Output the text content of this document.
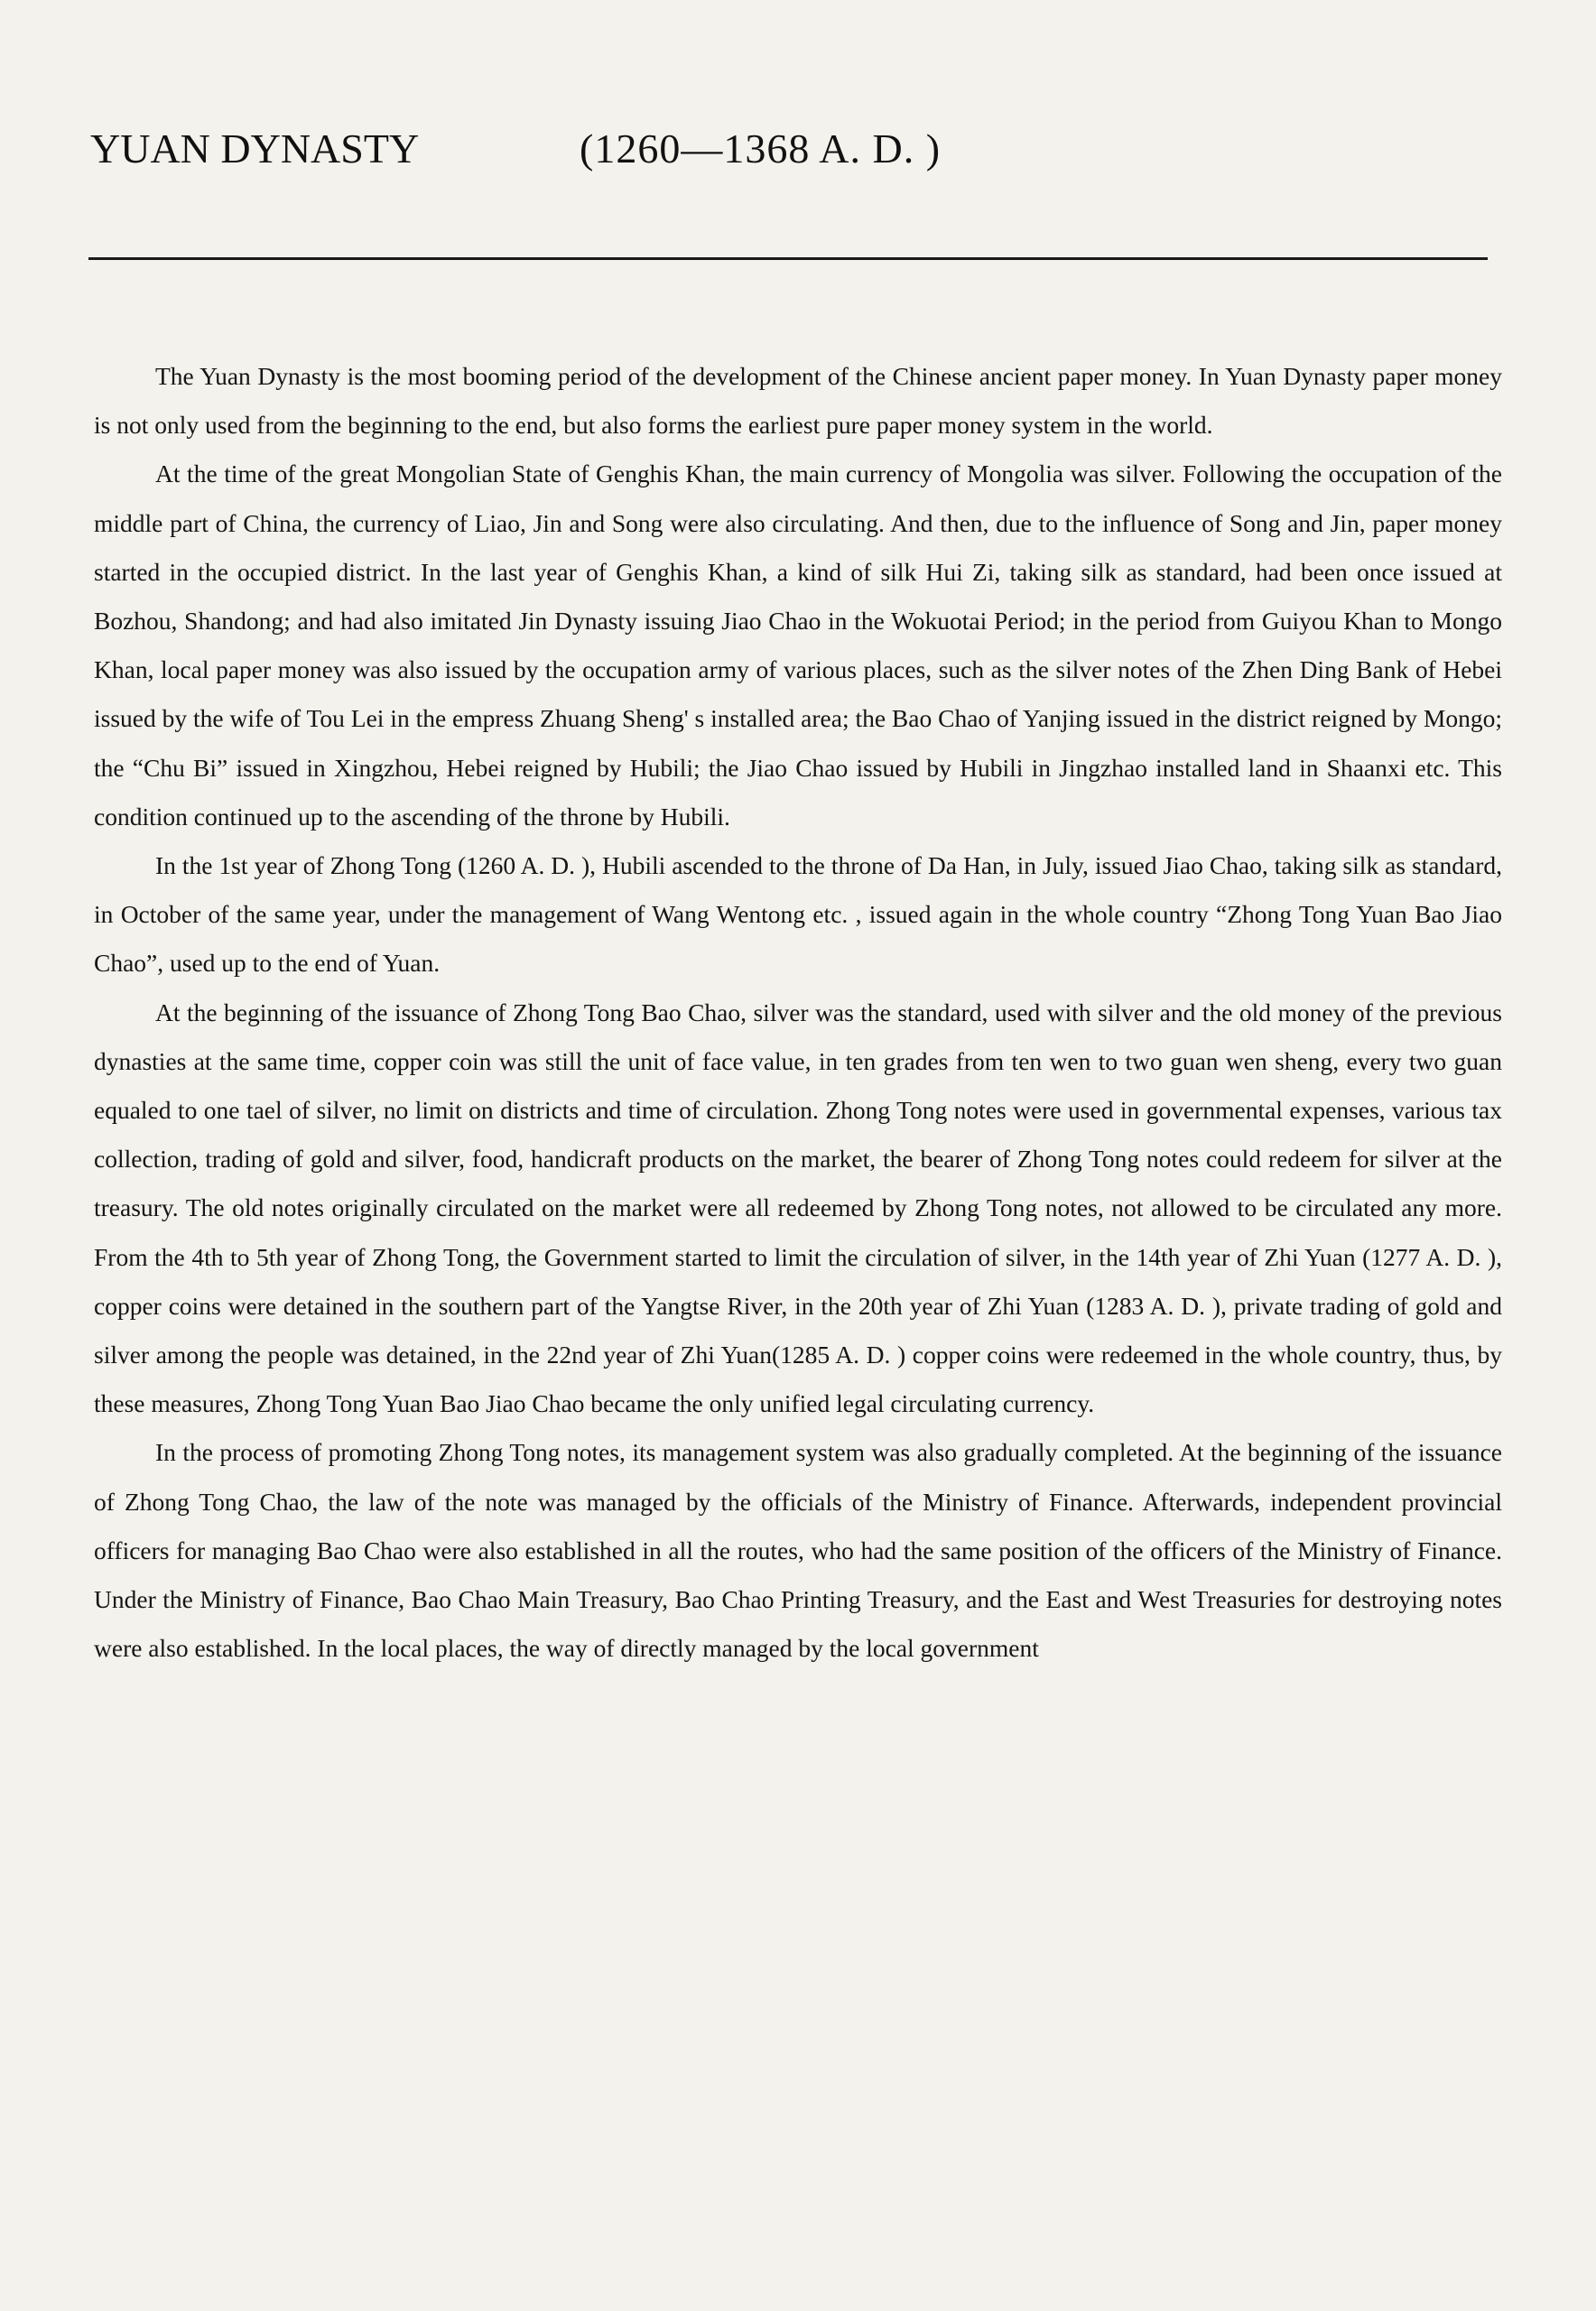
YUAN DYNASTY	(1260—1368 A. D. )

The Yuan Dynasty is the most booming period of the development of the Chinese ancient paper money. In Yuan Dynasty paper money is not only used from the beginning to the end, but also forms the earliest pure paper money system in the world.

At the time of the great Mongolian State of Genghis Khan, the main currency of Mongolia was silver. Following the occupation of the middle part of China, the currency of Liao, Jin and Song were also circulating. And then, due to the influence of Song and Jin, paper money started in the occupied district. In the last year of Genghis Khan, a kind of silk Hui Zi, taking silk as standard, had been once issued at Bozhou, Shandong; and had also imitated Jin Dynasty issuing Jiao Chao in the Wokuotai Period; in the period from Guiyou Khan to Mongo Khan, local paper money was also issued by the occupation army of various places, such as the silver notes of the Zhen Ding Bank of Hebei issued by the wife of Tou Lei in the empress Zhuang Sheng' s installed area; the Bao Chao of Yanjing issued in the district reigned by Mongo; the “Chu Bi” issued in Xingzhou, Hebei reigned by Hubili; the Jiao Chao issued by Hubili in Jingzhao installed land in Shaanxi etc. This condition continued up to the ascending of the throne by Hubili.

In the 1st year of Zhong Tong (1260 A. D. ), Hubili ascended to the throne of Da Han, in July, issued Jiao Chao, taking silk as standard, in October of the same year, under the management of Wang Wentong etc. , issued again in the whole country “Zhong Tong Yuan Bao Jiao Chao”, used up to the end of Yuan.

At the beginning of the issuance of Zhong Tong Bao Chao, silver was the standard, used with silver and the old money of the previous dynasties at the same time, copper coin was still the unit of face value, in ten grades from ten wen to two guan wen sheng, every two guan equaled to one tael of silver, no limit on districts and time of circulation. Zhong Tong notes were used in governmental expenses, various tax collection, trading of gold and silver, food, handicraft products on the market, the bearer of Zhong Tong notes could redeem for silver at the treasury. The old notes originally circulated on the market were all redeemed by Zhong Tong notes, not allowed to be circulated any more. From the 4th to 5th year of Zhong Tong, the Government started to limit the circulation of silver, in the 14th year of Zhi Yuan (1277 A. D. ), copper coins were detained in the southern part of the Yangtse River, in the 20th year of Zhi Yuan (1283 A. D. ), private trading of gold and silver among the people was detained, in the 22nd year of Zhi Yuan(1285 A. D. ) copper coins were redeemed in the whole country, thus, by these measures, Zhong Tong Yuan Bao Jiao Chao became the only unified legal circulating currency.

In the process of promoting Zhong Tong notes, its management system was also gradually completed. At the beginning of the issuance of Zhong Tong Chao, the law of the note was managed by the officials of the Ministry of Finance. Afterwards, independent provincial officers for managing Bao Chao were also established in all the routes, who had the same position of the officers of the Ministry of Finance. Under the Ministry of Finance, Bao Chao Main Treasury, Bao Chao Printing Treasury, and the East and West Treasuries for destroying notes were also established. In the local places, the way of directly managed by the local government
